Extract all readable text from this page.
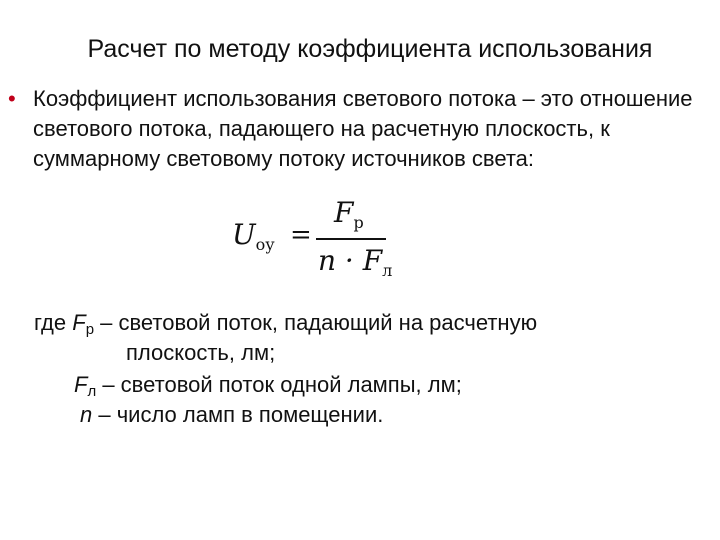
Расчет по методу коэффициента использования
• Коэффициент использования светового потока – это отношение светового потока, падающего на расчетную плоскость, к суммарному световому потоку источников света:
$U_{оу}$ =
$F_р$
$n \cdot F_л$
где Fр – световой поток, падающий на расчетную
плоскость, лм;
Fл – световой поток одной лампы, лм;
n – число ламп в помещении.
